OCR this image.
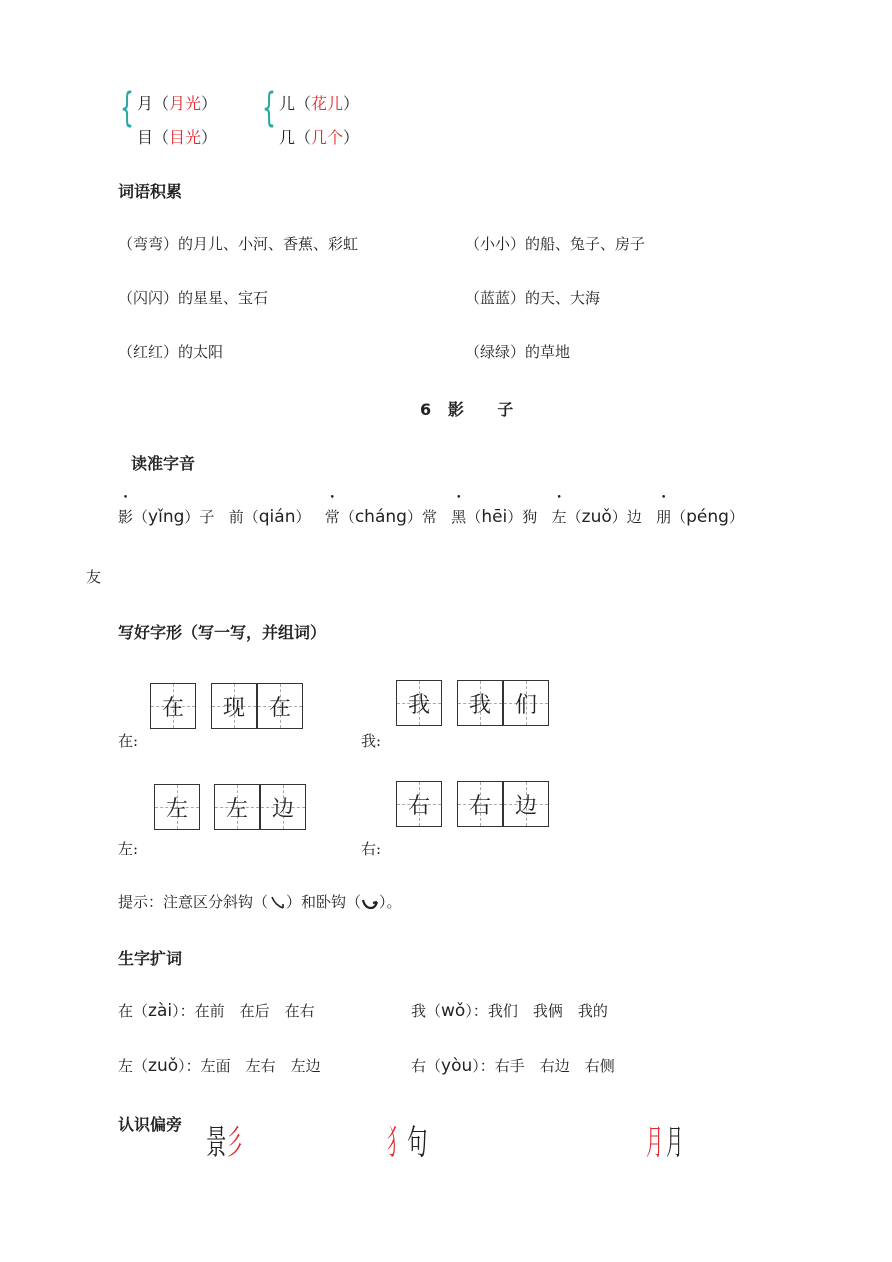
{ 月（月光）
目（目光）
{ 儿（花儿）
几（几个）
词语积累
（弯弯）的月儿、小河、香蕉、彩虹	（小小）的船、兔子、房子
（闪闪）的星星、宝石	（蓝蓝）的天、大海
（红红）的太阳	（绿绿）的草地
6 影 子
读准字音
影（yǐng）子 前（qián）   常（cháng）常 黑（hēi）狗 左（zuǒ）边 朋（péng）
友
写好字形（写一写，并组词）
在	现	在
在:
我	我	们
我:
左	左	边
左:
右	右	边
右:
提示：注意区分斜钩（ ）和卧钩（ ）。
生字扩词
在（zài）：在前　在后　在右	我（wǒ）：我们　我俩　我的
左（zuǒ）：左面　左右　左边	右（yòu）：右手　右边　右侧
认识偏旁 景 彡	犭 句	月 月
